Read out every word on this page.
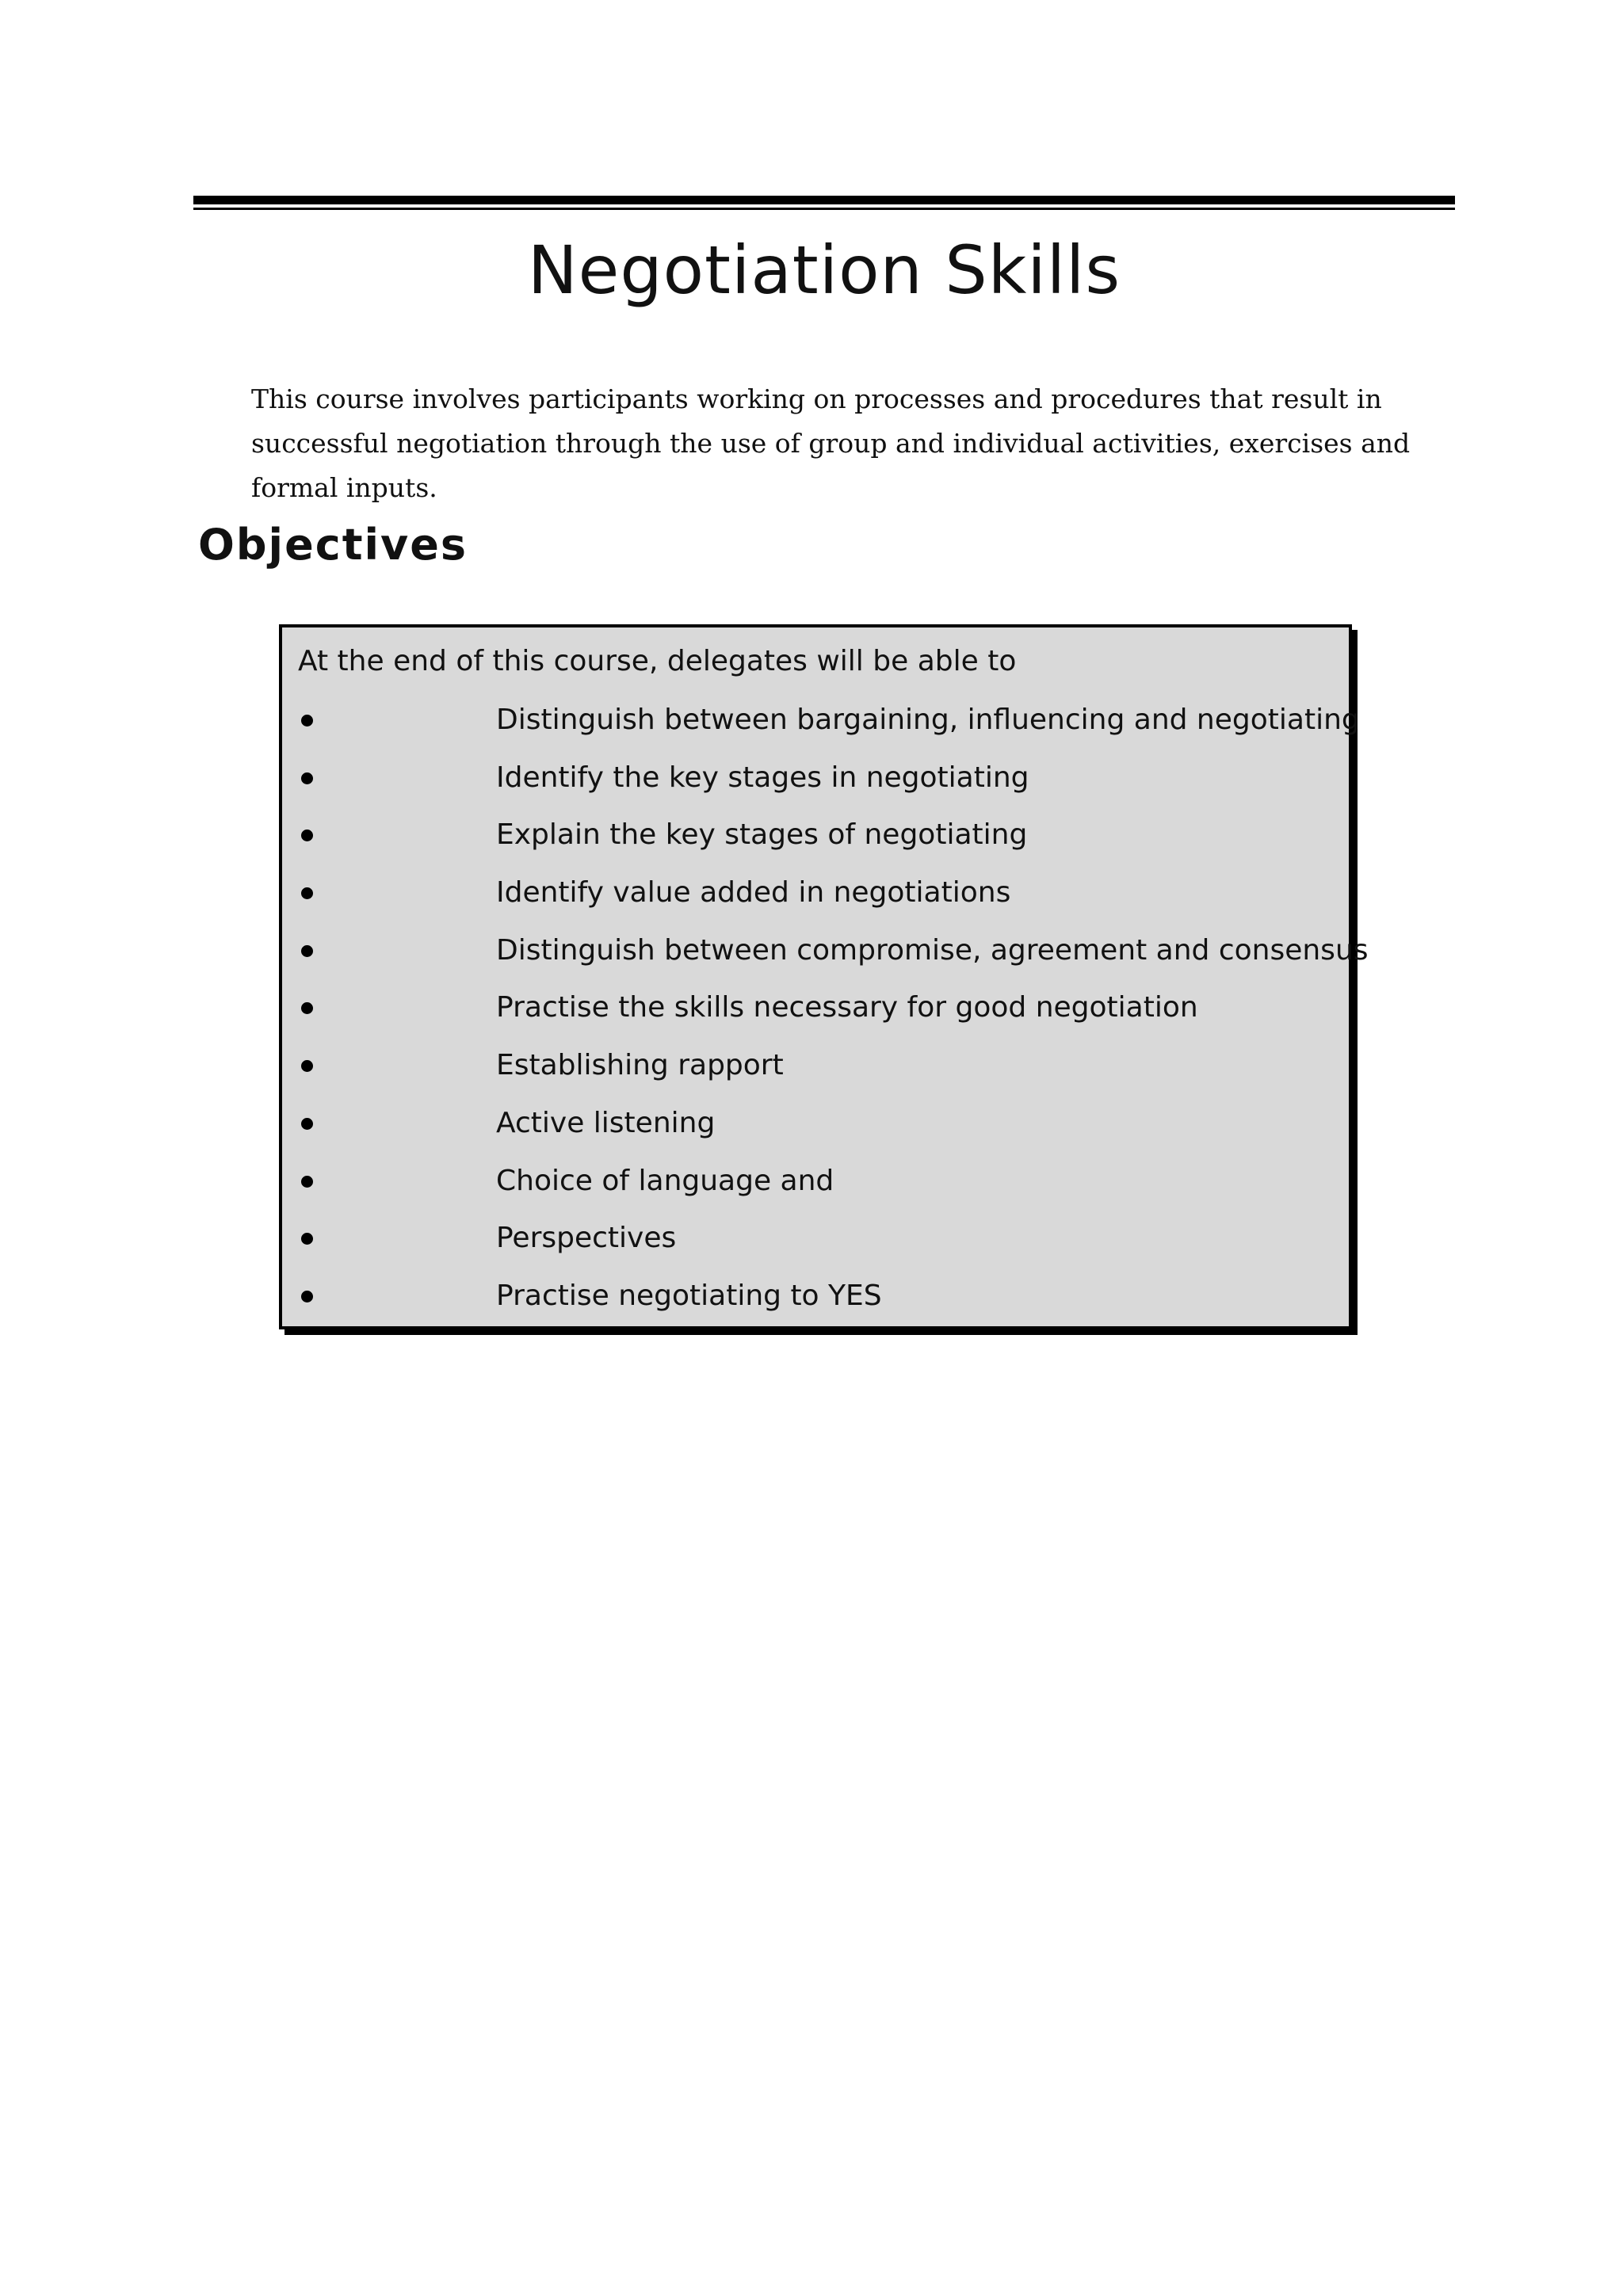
Negotiation Skills

This course involves participants working on processes and procedures that result in successful negotiation through the use of group and individual activities, exercises and formal inputs.

Objectives

At the end of this course, delegates will be able to

Distinguish between bargaining, influencing and negotiating
Identify the key stages in negotiating
Explain the key stages of negotiating
Identify value added in negotiations
Distinguish between compromise, agreement and consensus
Practise the skills necessary for good negotiation
Establishing rapport
Active listening
Choice of language and
Perspectives
Practise negotiating to YES
